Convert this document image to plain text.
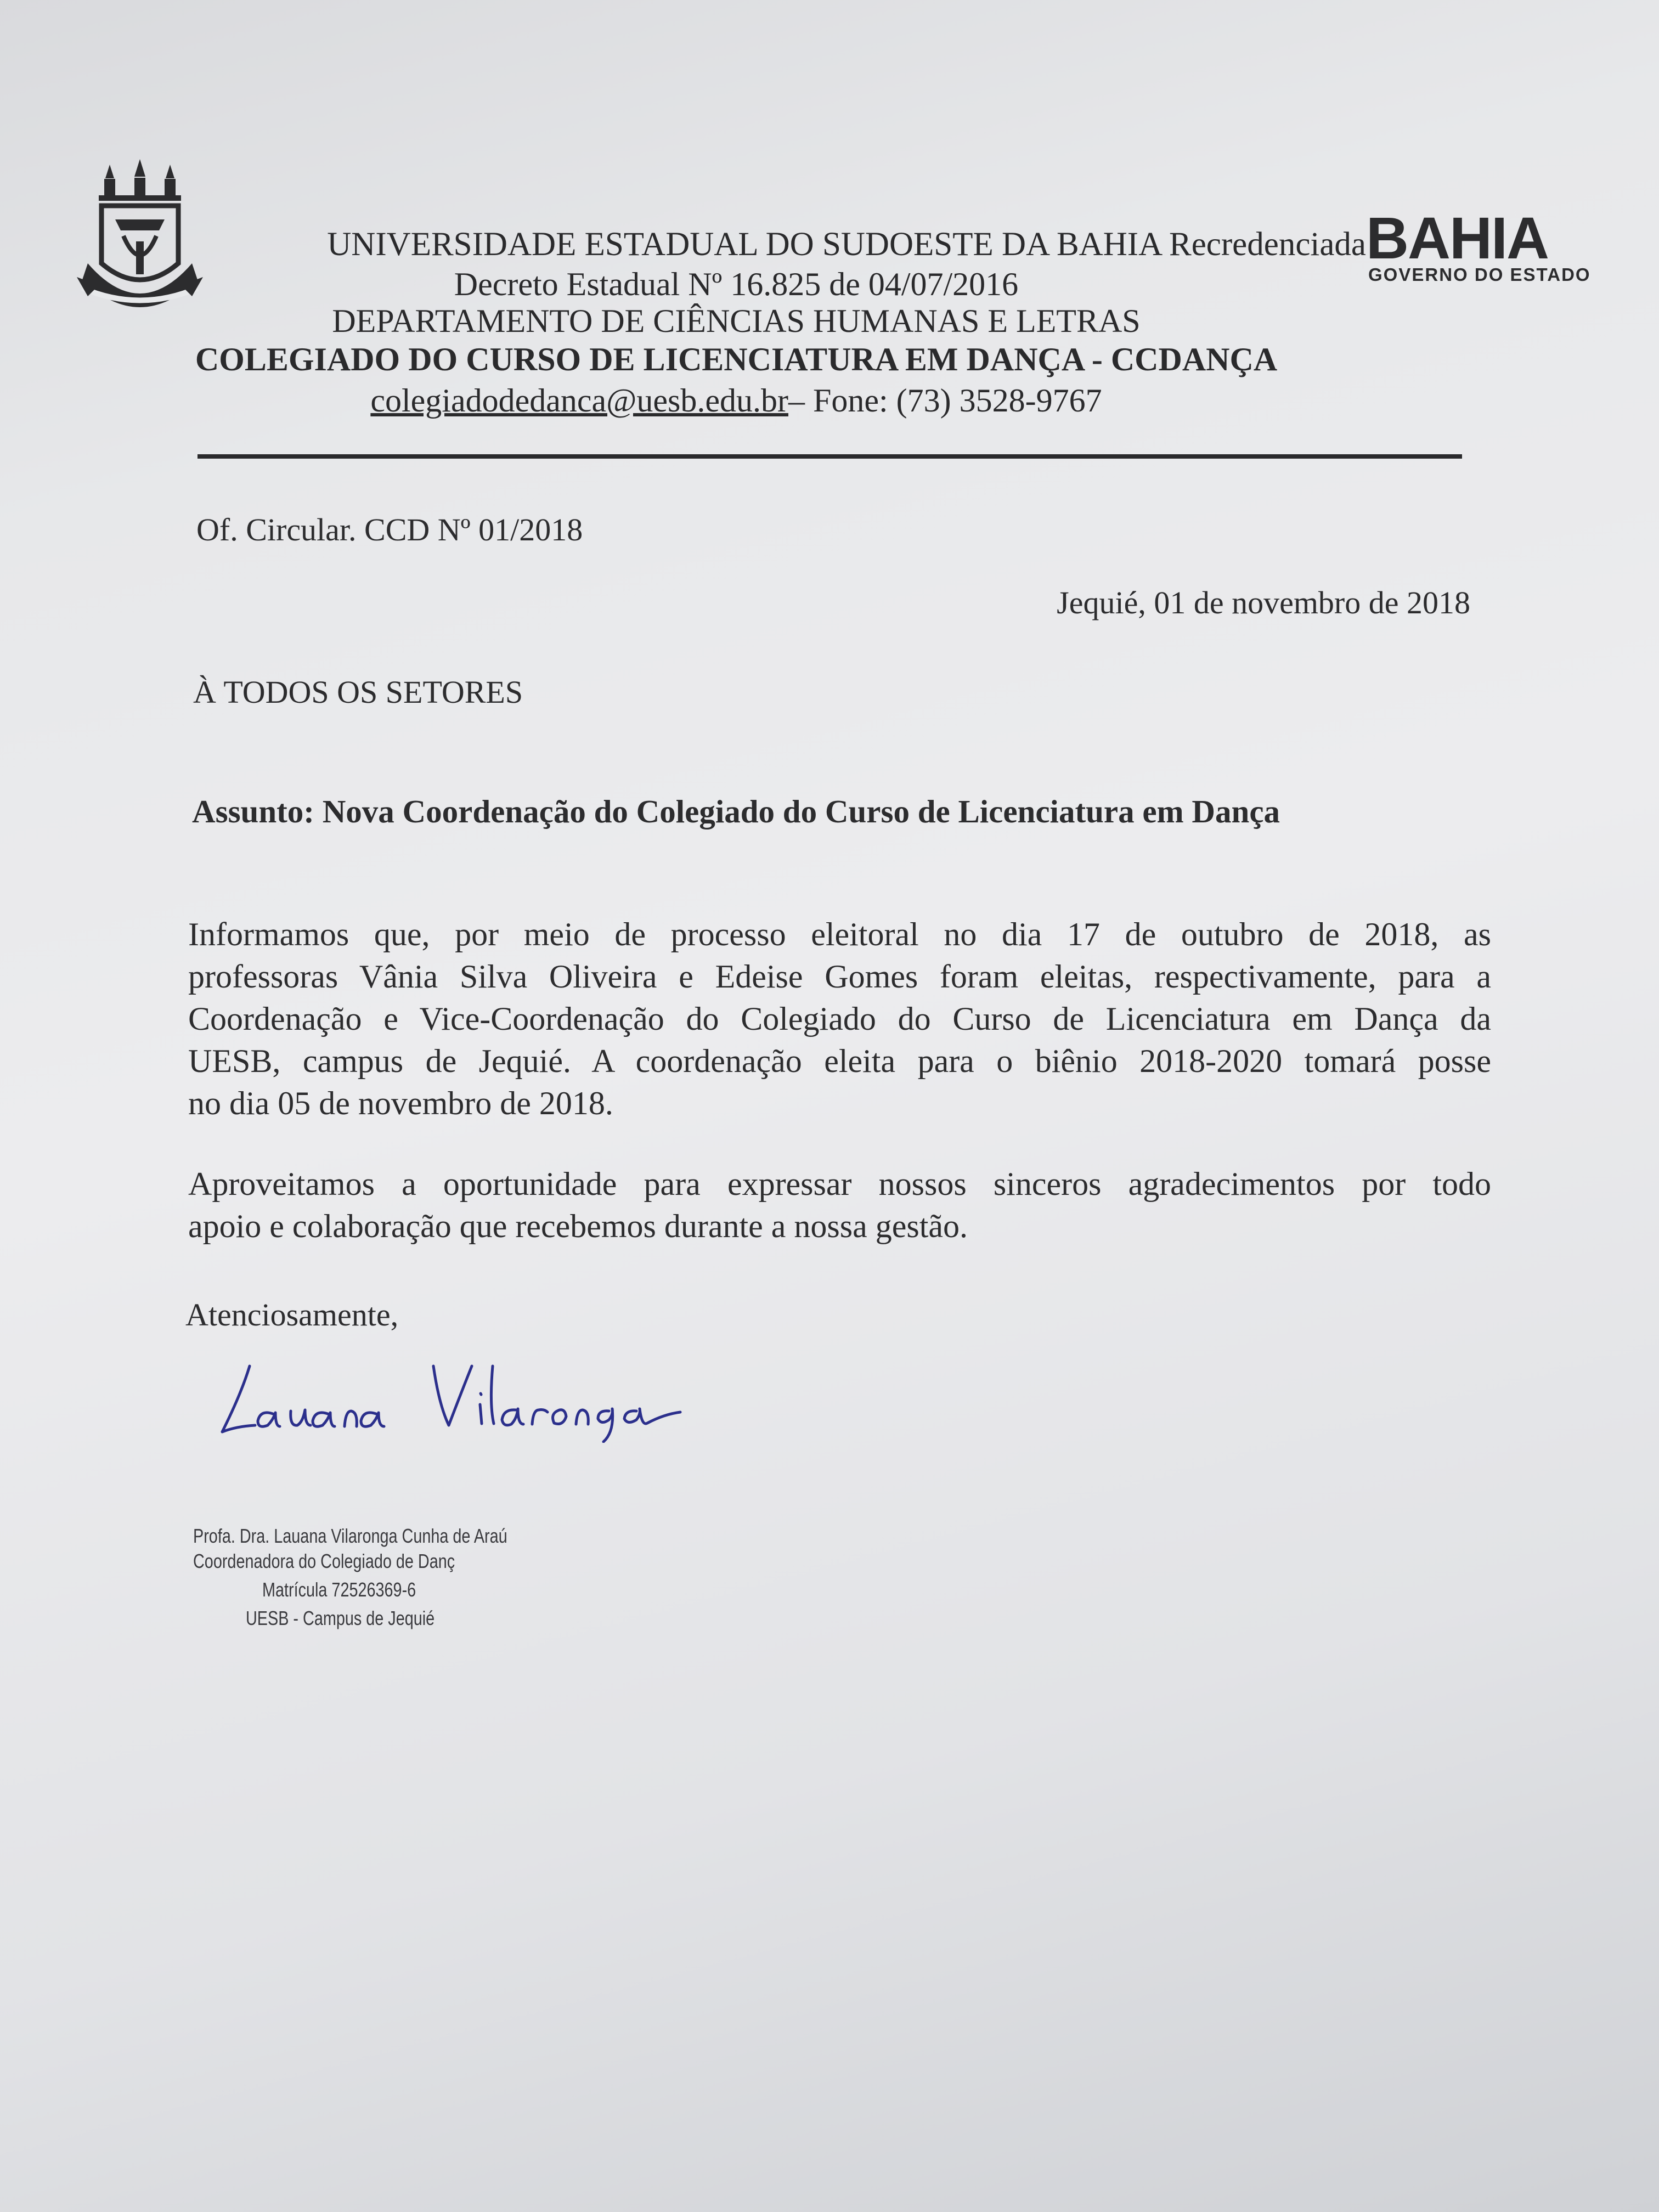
UNIVERSIDADE ESTADUAL DO SUDOESTE DA BAHIA Recredenciada BAHIA
GOVERNO DO ESTADO
Decreto Estadual Nº 16.825 de 04/07/2016
DEPARTAMENTO DE CIÊNCIAS HUMANAS E LETRAS
COLEGIADO DO CURSO DE LICENCIATURA EM DANÇA - CCDANÇA
colegiadodedanca@uesb.edu.br– Fone: (73) 3528-9767
Of. Circular. CCD Nº 01/2018
Jequié, 01 de novembro de 2018
À TODOS OS SETORES
Assunto: Nova Coordenação do Colegiado do Curso de Licenciatura em Dança
Informamos que, por meio de processo eleitoral no dia 17 de outubro de 2018, as
professoras Vânia Silva Oliveira e Edeise Gomes foram eleitas, respectivamente, para a
Coordenação e Vice-Coordenação do Colegiado do Curso de Licenciatura em Dança da
UESB, campus de Jequié. A coordenação eleita para o biênio 2018-2020 tomará posse
no dia 05 de novembro de 2018.
Aproveitamos a oportunidade para expressar nossos sinceros agradecimentos por todo
apoio e colaboração que recebemos durante a nossa gestão.
Atenciosamente,
Profa. Dra. Lauana Vilaronga Cunha de Araú
Coordenadora do Colegiado de Danç
Matrícula 72526369-6
UESB - Campus de Jequié
